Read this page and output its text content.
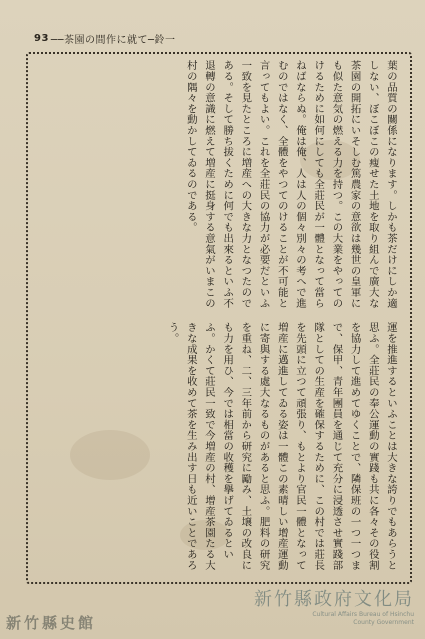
93 ──茶園の間作に就て─鈴一
葉の品質の關係になります。しかも茶だけにしか適しない、ぼこぼこの瘦せた土地を取り組んで廣大な茶園の開拓にいそしむ篤農家の意欲は幾世の皇軍にも似た意気の燃える力を持つ。この大業をやってのけるために如何にしても全莊民が一體となって當らねばならぬ。俺は俺、人は人の個々別々の考へで進むのではなく、全體をやつてのけることが不可能と言ってもよい。これを全莊民の協力が必要だといふ一致を見たところに増産への大きな力となつたのである。そして勝ち拔くために何でも出來るといふ不退轉の意識に燃えて増産に挺身する意氣がいまこの村の隅々を動かしてゐるのである。
運を推進するといふことは大きな誇りでもあらうと思ふ。全莊民の奉公運動の實踐も共に各々その役割を協力して進めてゆくことで、隣保班の一つ一つまで、保甲、青年團員を通じて充分に浸透させ實踐部隊としての生産を確保するために、この村では莊長を先頭に立つて頑張り、もとより官民一體となって増産に邁進してゐる姿は一體この素晴しい增産運動に寄與する處大なるものがあると思ふ。肥料の研究を重ね、二、三年前から研究に勵み、土壌の改良にも力を用ひ、今では相當の收穫を擧げてゐるといふ。かくて莊民一致で今増産の村、增産茶園たる大きな成果を收めて茶を生み出す日も近いことであろう。
新竹縣政府文化局
Cultural Affairs Bureau of Hsinchu
County Government
新竹縣史館
